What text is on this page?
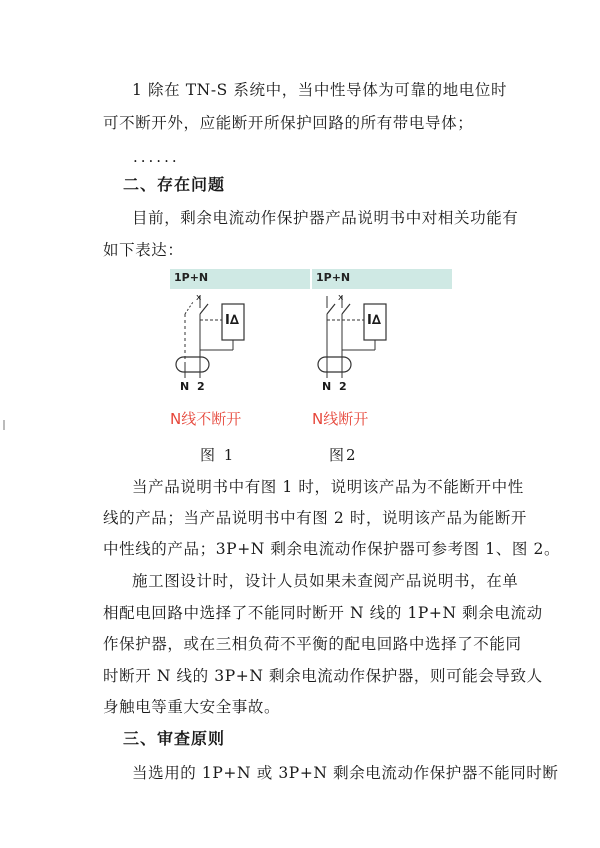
1 除在 TN-S 系统中，当中性导体为可靠的地电位时
可不断开外，应能断开所保护回路的所有带电导体；
......
二、存在问题
目前，剩余电流动作保护器产品说明书中对相关功能有
如下表达：
1P+N
x
I∆
N 2
N线不断开
1P+N
x
I∆
N 2
N线断开
图 1	图2
当产品说明书中有图 1 时，说明该产品为不能断开中性
线的产品；当产品说明书中有图 2 时，说明该产品为能断开
中性线的产品；3P+N 剩余电流动作保护器可参考图 1、图 2。
施工图设计时，设计人员如果未查阅产品说明书，在单
相配电回路中选择了不能同时断开 N 线的 1P+N 剩余电流动
作保护器，或在三相负荷不平衡的配电回路中选择了不能同
时断开 N 线的 3P+N 剩余电流动作保护器，则可能会导致人
身触电等重大安全事故。
三、审查原则
当选用的 1P+N 或 3P+N 剩余电流动作保护器不能同时断
